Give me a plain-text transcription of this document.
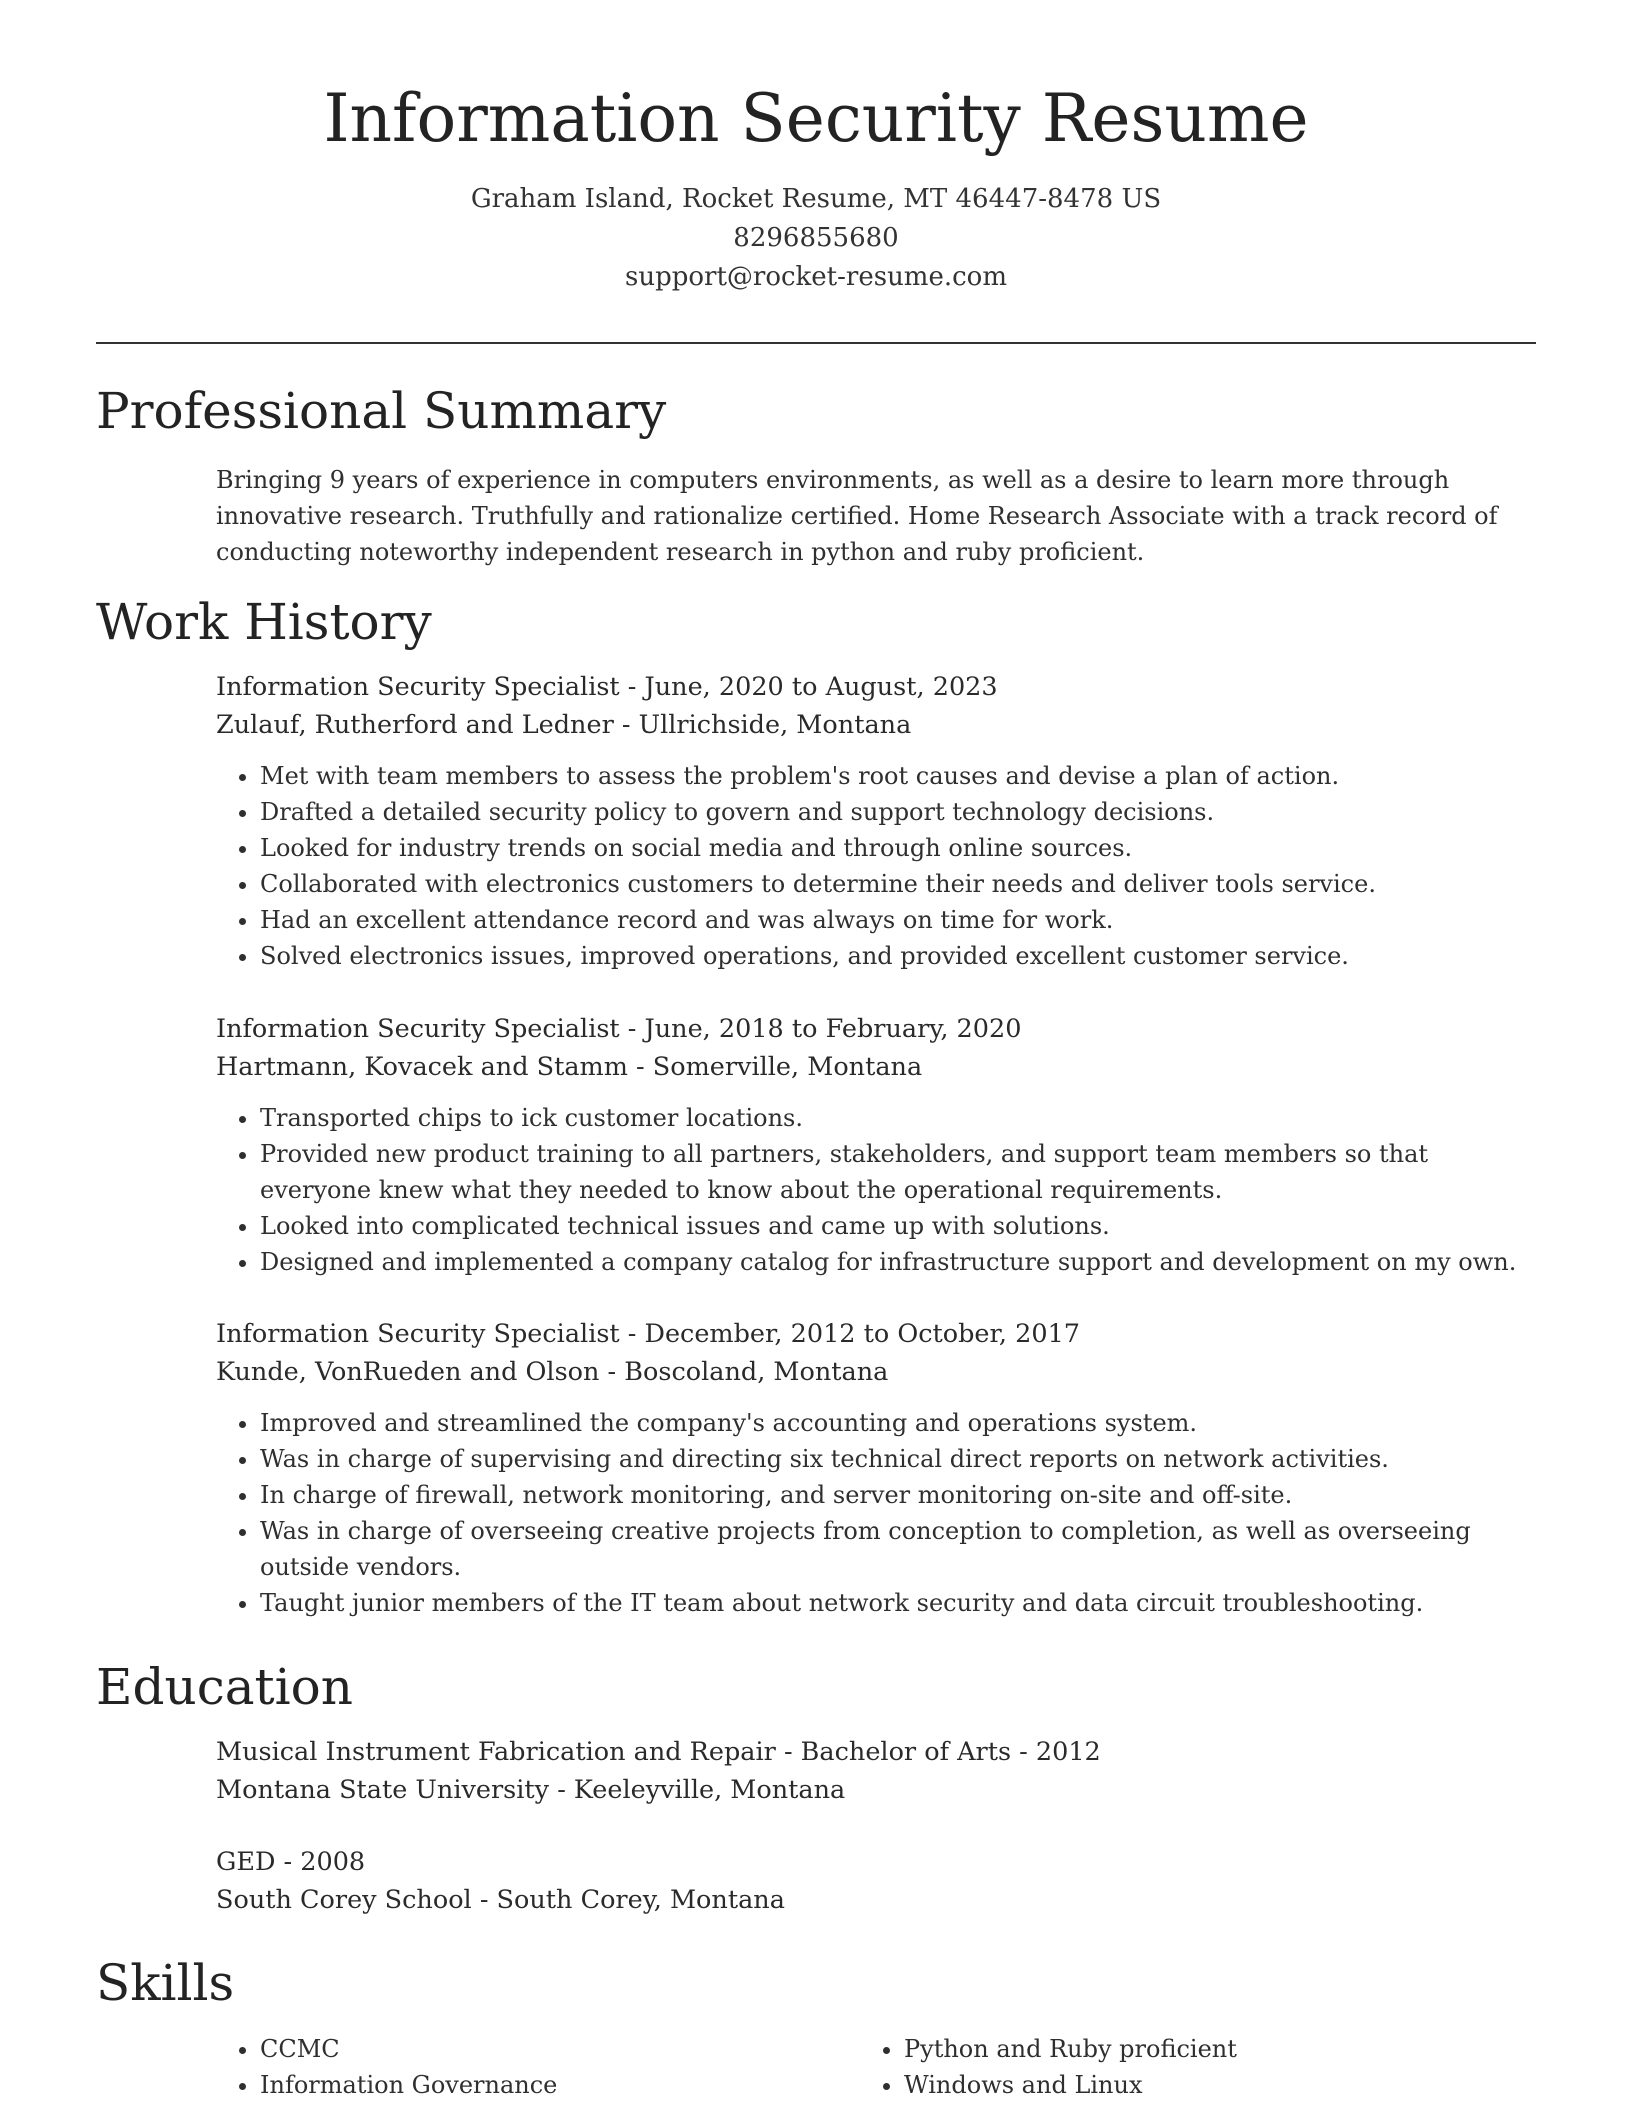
Information Security Resume
Graham Island, Rocket Resume, MT 46447-8478 US
8296855680
support@rocket-resume.com
Professional Summary
Bringing 9 years of experience in computers environments, as well as a desire to learn more through innovative research. Truthfully and rationalize certified. Home Research Associate with a track record of conducting noteworthy independent research in python and ruby proficient.
Work History
Information Security Specialist - June, 2020 to August, 2023
Zulauf, Rutherford and Ledner - Ullrichside, Montana
• Met with team members to assess the problem's root causes and devise a plan of action.
• Drafted a detailed security policy to govern and support technology decisions.
• Looked for industry trends on social media and through online sources.
• Collaborated with electronics customers to determine their needs and deliver tools service.
• Had an excellent attendance record and was always on time for work.
• Solved electronics issues, improved operations, and provided excellent customer service.
Information Security Specialist - June, 2018 to February, 2020
Hartmann, Kovacek and Stamm - Somerville, Montana
• Transported chips to ick customer locations.
• Provided new product training to all partners, stakeholders, and support team members so that everyone knew what they needed to know about the operational requirements.
• Looked into complicated technical issues and came up with solutions.
• Designed and implemented a company catalog for infrastructure support and development on my own.
Information Security Specialist - December, 2012 to October, 2017
Kunde, VonRueden and Olson - Boscoland, Montana
• Improved and streamlined the company's accounting and operations system.
• Was in charge of supervising and directing six technical direct reports on network activities.
• In charge of firewall, network monitoring, and server monitoring on-site and off-site.
• Was in charge of overseeing creative projects from conception to completion, as well as overseeing outside vendors.
• Taught junior members of the IT team about network security and data circuit troubleshooting.
Education
Musical Instrument Fabrication and Repair - Bachelor of Arts - 2012
Montana State University - Keeleyville, Montana
GED - 2008
South Corey School - South Corey, Montana
Skills
• CCMC
• Information Governance
• Python and Ruby proficient
• Windows and Linux
